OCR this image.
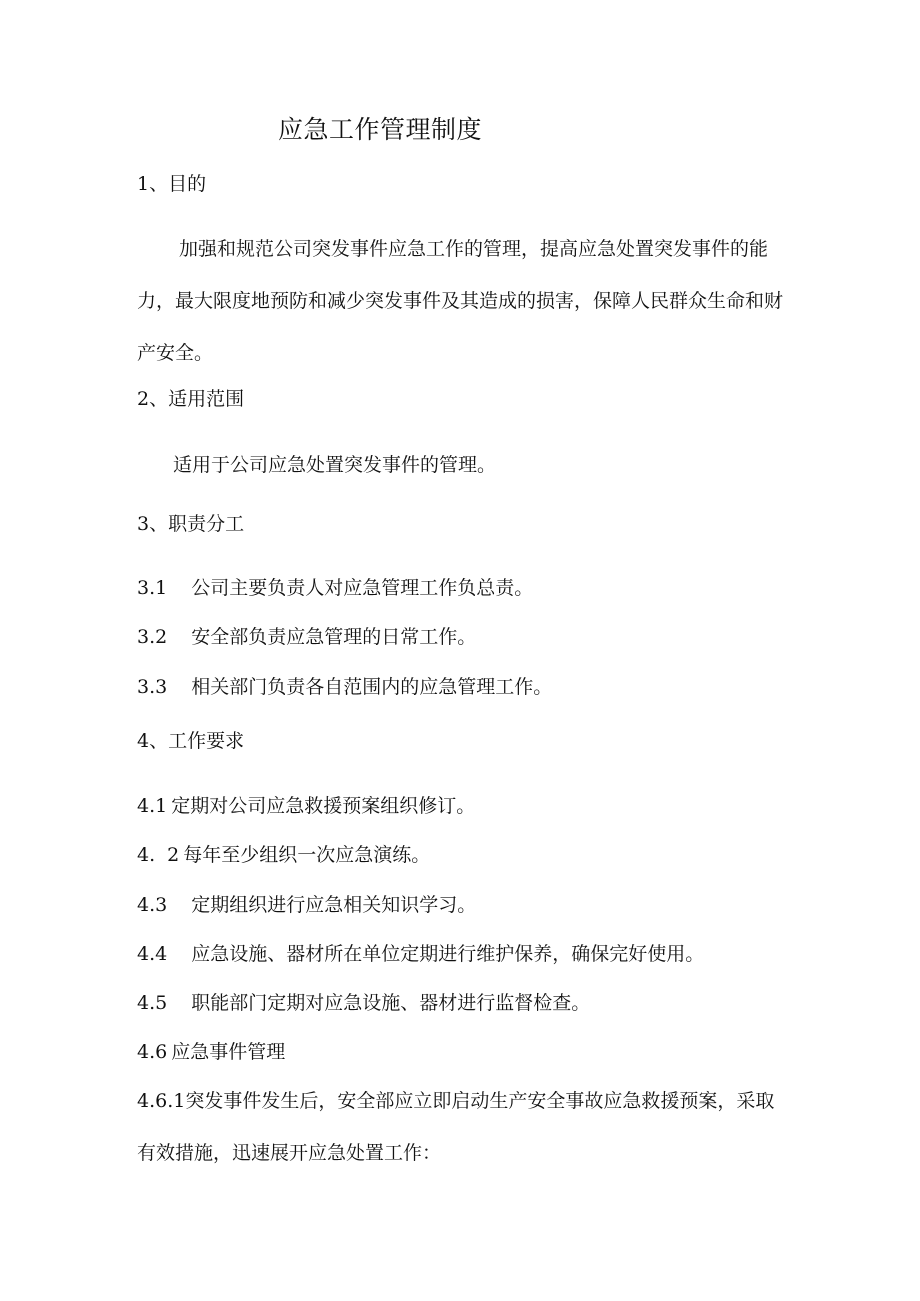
应急工作管理制度
1、目的

加强和规范公司突发事件应急工作的管理，提高应急处置突发事件的能力，最大限度地预防和减少突发事件及其造成的损害，保障人民群众生命和财产安全。

2、适用范围
适用于公司应急处置突发事件的管理。
3、职责分工
3.1 公司主要负责人对应急管理工作负总责。
3.2 安全部负责应急管理的日常工作。
3.3 相关部门负责各自范围内的应急管理工作。
4、工作要求
4.1 定期对公司应急救援预案组织修订。
4. 2 每年至少组织一次应急演练。
4.3 定期组织进行应急相关知识学习。
4.4 应急设施、器材所在单位定期进行维护保养，确保完好使用。
4.5 职能部门定期对应急设施、器材进行监督检查。
4.6 应急事件管理

4.6.1突发事件发生后，安全部应立即启动生产安全事故应急救援预案，采取有效措施，迅速展开应急处置工作：
